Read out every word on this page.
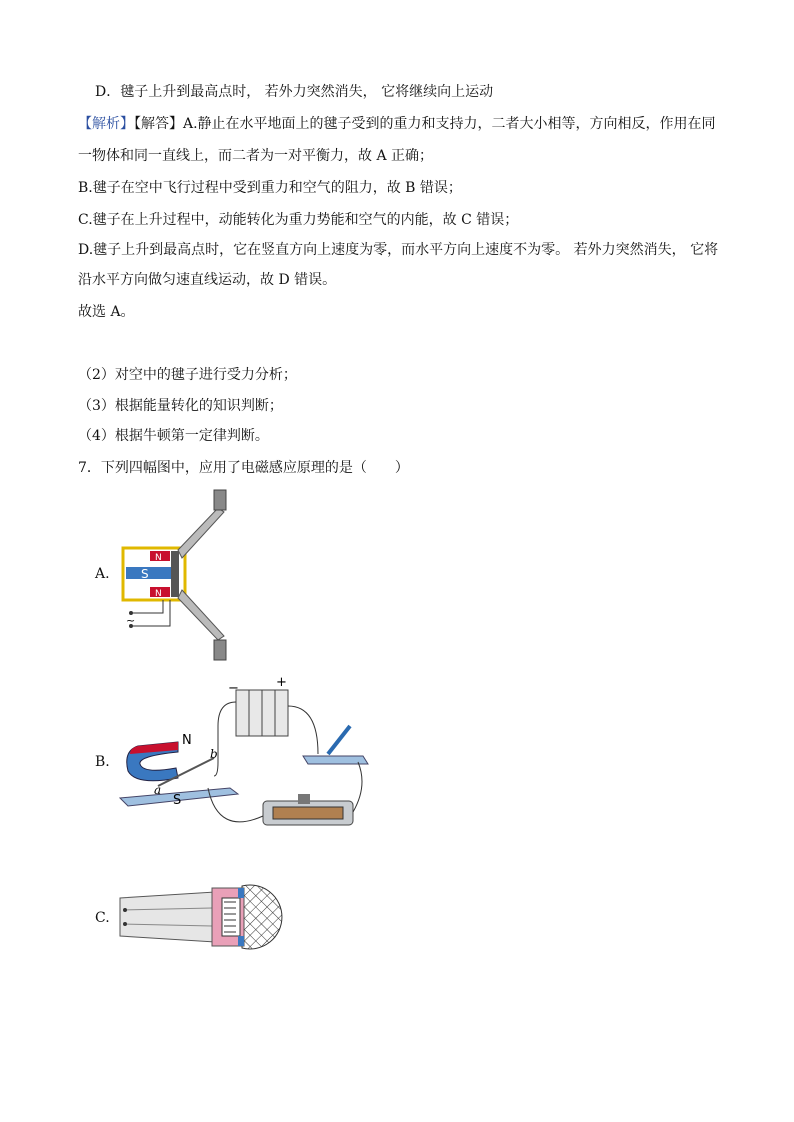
D．毽子上升到最高点时， 若外力突然消失， 它将继续向上运动
【解析】【解答】A.静止在水平地面上的毽子受到的重力和支持力，二者大小相等，方向相反，作用在同
一物体和同一直线上，而二者为一对平衡力，故 A 正确；
B.毽子在空中飞行过程中受到重力和空气的阻力，故 B 错误；
C.毽子在上升过程中，动能转化为重力势能和空气的内能，故 C 错误；
D.毽子上升到最高点时，它在竖直方向上速度为零，而水平方向上速度不为零。 若外力突然消失， 它将
沿水平方向做匀速直线运动，故 D 错误。
故选 A。
（2）对空中的毽子进行受力分析；
（3）根据能量转化的知识判断；
（4）根据牛顿第一定律判断。
7．下列四幅图中，应用了电磁感应原理的是（　　）
A.
B.
C.
S
N
N
~
−	+
N
S
b
a
